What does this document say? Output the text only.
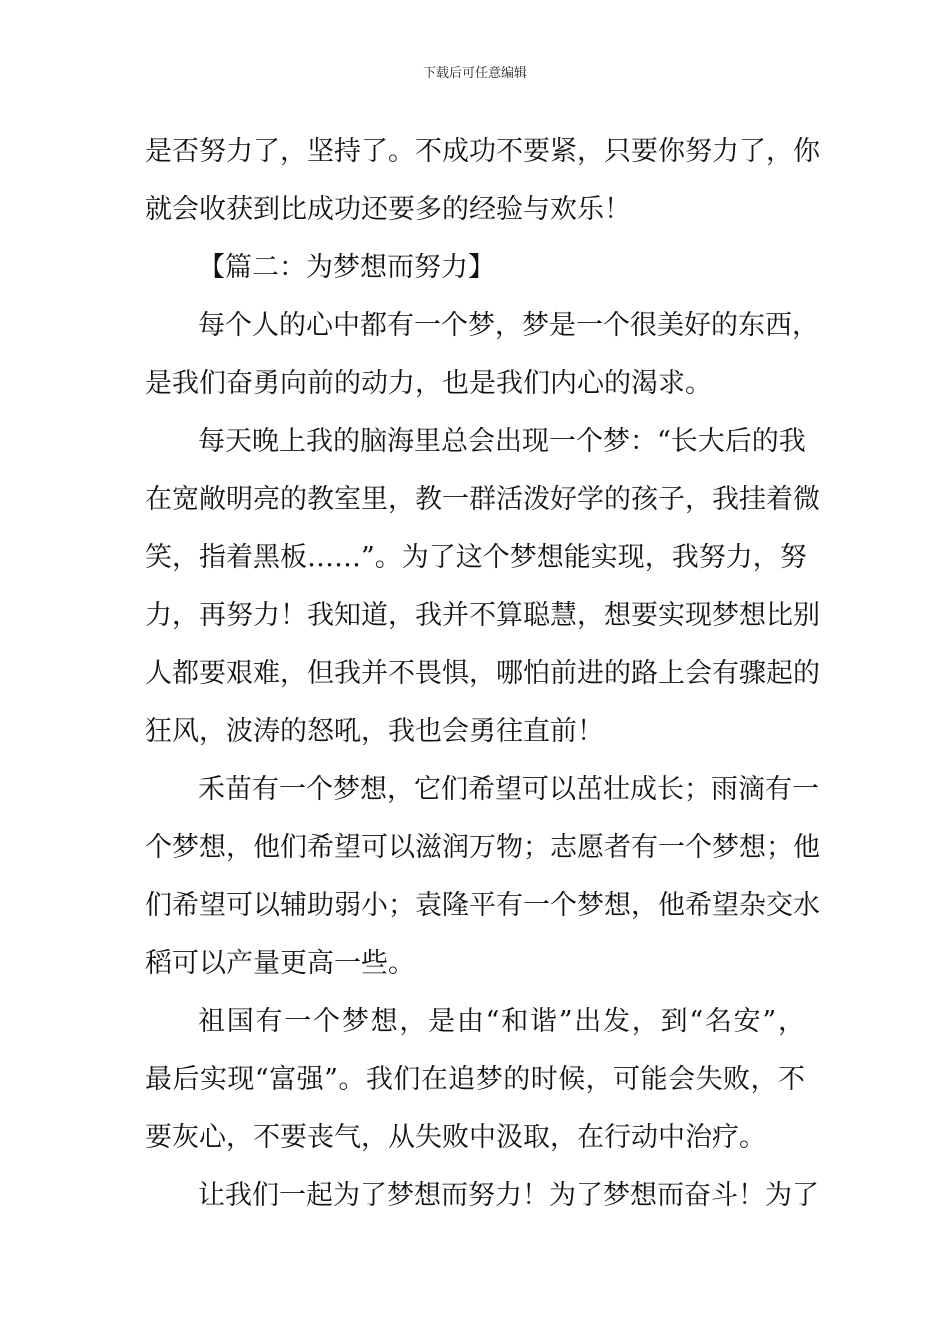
下载后可任意编辑
是否努力了，坚持了。不成功不要紧，只要你努力了，你
就会收获到比成功还要多的经验与欢乐！
【篇二：为梦想而努力】
每个人的心中都有一个梦，梦是一个很美好的东西，
是我们奋勇向前的动力，也是我们内心的渴求。
每天晚上我的脑海里总会出现一个梦：“长大后的我
在宽敞明亮的教室里，教一群活泼好学的孩子，我挂着微
笑，指着黑板……”。为了这个梦想能实现，我努力，努
力，再努力！我知道，我并不算聪慧，想要实现梦想比别
人都要艰难，但我并不畏惧，哪怕前进的路上会有骤起的
狂风，波涛的怒吼，我也会勇往直前！
禾苗有一个梦想，它们希望可以茁壮成长；雨滴有一
个梦想，他们希望可以滋润万物；志愿者有一个梦想；他
们希望可以辅助弱小；袁隆平有一个梦想，他希望杂交水
稻可以产量更高一些。
祖国有一个梦想，是由“和谐”出发，到“名安”，
最后实现“富强”。我们在追梦的时候，可能会失败，不
要灰心，不要丧气，从失败中汲取，在行动中治疗。
让我们一起为了梦想而努力！为了梦想而奋斗！为了
